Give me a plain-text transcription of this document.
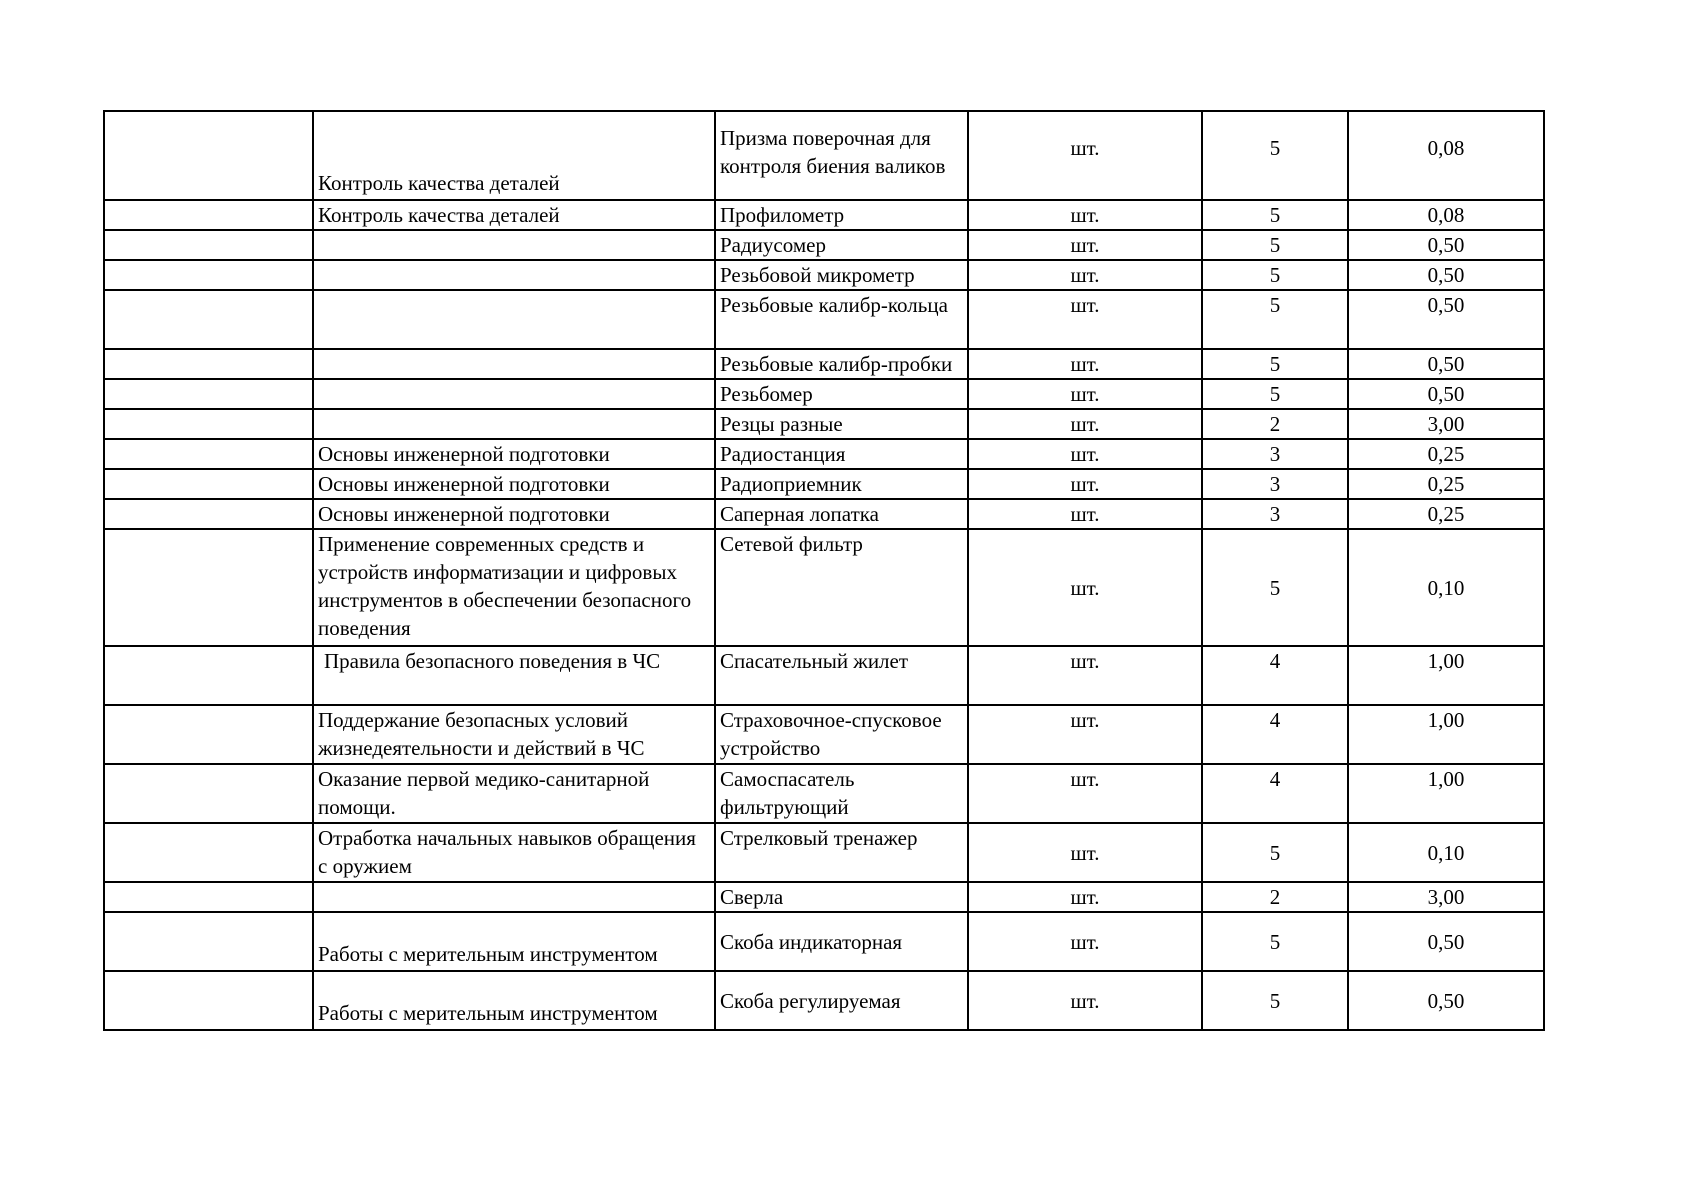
	Контроль качества деталей	Призма поверочная для контроля биения валиков	шт.	5	0,08
	Контроль качества деталей	Профилометр	шт.	5	0,08
		Радиусомер	шт.	5	0,50
		Резьбовой микрометр	шт.	5	0,50
		Резьбовые калибр-кольца	шт.	5	0,50
		Резьбовые калибр-пробки	шт.	5	0,50
		Резьбомер	шт.	5	0,50
		Резцы разные	шт.	2	3,00
	Основы инженерной подготовки	Радиостанция	шт.	3	0,25
	Основы инженерной подготовки	Радиоприемник	шт.	3	0,25
	Основы инженерной подготовки	Саперная лопатка	шт.	3	0,25
	Применение современных средств и устройств информатизации и цифровых инструментов в обеспечении безопасного поведения	Сетевой фильтр	шт.	5	0,10
	Правила безопасного поведения в ЧС	Спасательный жилет	шт.	4	1,00
	Поддержание безопасных условий жизнедеятельности и действий в ЧС	Страховочное-спусковое устройство	шт.	4	1,00
	Оказание первой медико-санитарной помощи.	Самоспасатель фильтрующий	шт.	4	1,00
	Отработка начальных навыков обращения с оружием	Стрелковый тренажер	шт.	5	0,10
		Сверла	шт.	2	3,00
	Работы с мерительным инструментом	Скоба индикаторная	шт.	5	0,50
	Работы с мерительным инструментом	Скоба регулируемая	шт.	5	0,50
